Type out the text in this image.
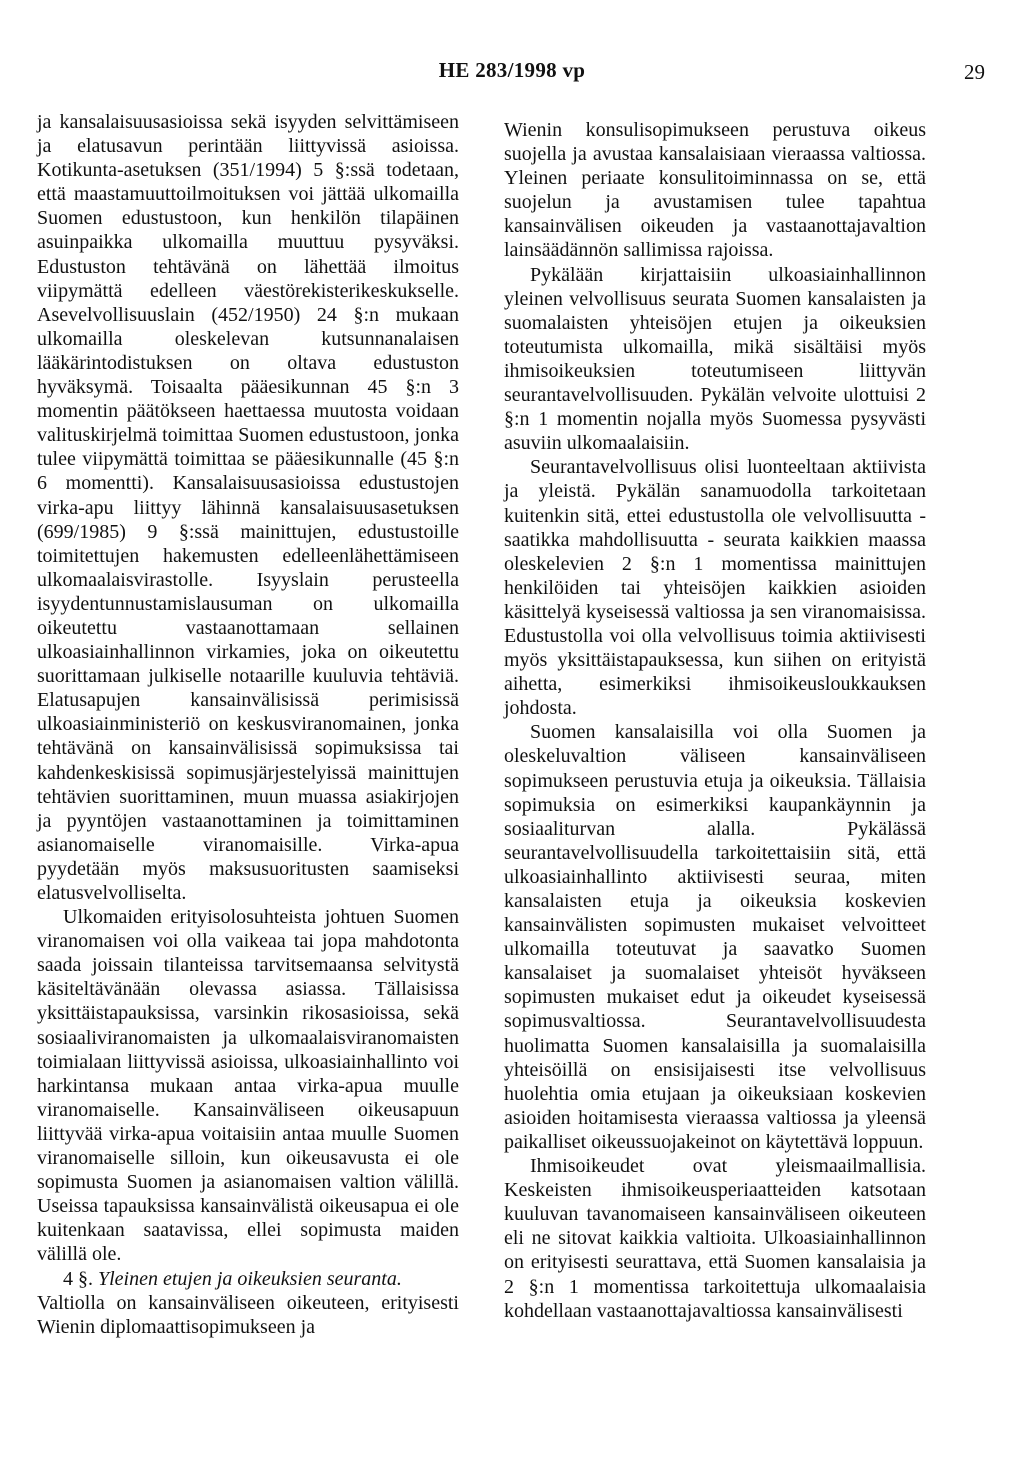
HE 283/1998 vp	29

ja kansalaisuusasioissa sekä isyyden selvittämiseen ja elatusavun perintään liittyvissä asioissa. Kotikunta-asetuksen (351/1994) 5 §:ssä todetaan, että maastamuuttoilmoituksen voi jättää ulkomailla Suomen edustustoon, kun henkilön tilapäinen asuinpaikka ulkomailla muuttuu pysyväksi. Edustuston tehtävänä on lähettää ilmoitus viipymättä edelleen väestörekisterikeskukselle. Asevelvollisuuslain (452/1950) 24 §:n mukaan ulkomailla oleskelevan kutsunnanalaisen lääkärintodistuksen on oltava edustuston hyväksymä. Toisaalta pääesikunnan 45 §:n 3 momentin päätökseen haettaessa muutosta voidaan valituskirjelmä toimittaa Suomen edustustoon, jonka tulee viipymättä toimittaa se pääesikunnalle (45 §:n 6 momentti). Kansalaisuusasioissa edustustojen virka-apu liittyy lähinnä kansalaisuusasetuksen (699/1985) 9 §:ssä mainittujen, edustustoille toimitettujen hakemusten edelleenlähettämiseen ulkomaalaisvirastolle. Isyyslain perusteella isyydentunnustamislausuman on ulkomailla oikeutettu vastaanottamaan sellainen ulkoasiainhallinnon virkamies, joka on oikeutettu suorittamaan julkiselle notaarille kuuluvia tehtäviä. Elatusapujen kansainvälisissä perimisissä ulkoasiainministeriö on keskusviranomainen, jonka tehtävänä on kansainvälisissä sopimuksissa tai kahdenkeskisissä sopimusjärjestelyissä mainittujen tehtävien suorittaminen, muun muassa asiakirjojen ja pyyntöjen vastaanottaminen ja toimittaminen asianomaiselle viranomaisille. Virka-apua pyydetään myös maksusuoritusten saamiseksi elatusvelvolliselta.

Ulkomaiden erityisolosuhteista johtuen Suomen viranomaisen voi olla vaikeaa tai jopa mahdotonta saada joissain tilanteissa tarvitsemaansa selvitystä käsiteltävänään olevassa asiassa. Tällaisissa yksittäistapauksissa, varsinkin rikosasioissa, sekä sosiaaliviranomaisten ja ulkomaalaisviranomaisten toimialaan liittyvissä asioissa, ulkoasiainhallinto voi harkintansa mukaan antaa virka-apua muulle viranomaiselle. Kansainväliseen oikeusapuun liittyvää virka-apua voitaisiin antaa muulle Suomen viranomaiselle silloin, kun oikeusavusta ei ole sopimusta Suomen ja asianomaisen valtion välillä. Useissa tapauksissa kansainvälistä oikeusapua ei ole kuitenkaan saatavissa, ellei sopimusta maiden välillä ole.

4 §. Yleinen etujen ja oikeuksien seuranta.

Valtiolla on kansainväliseen oikeuteen, erityisesti Wienin diplomaattisopimukseen ja

Wienin konsulisopimukseen perustuva oikeus suojella ja avustaa kansalaisiaan vieraassa valtiossa. Yleinen periaate konsulitoiminnassa on se, että suojelun ja avustamisen tulee tapahtua kansainvälisen oikeuden ja vastaanottajavaltion lainsäädännön sallimissa rajoissa.

Pykälään kirjattaisiin ulkoasiainhallinnon yleinen velvollisuus seurata Suomen kansalaisten ja suomalaisten yhteisöjen etujen ja oikeuksien toteutumista ulkomailla, mikä sisältäisi myös ihmisoikeuksien toteutumiseen liittyvän seurantavelvollisuuden. Pykälän velvoite ulottuisi 2 §:n 1 momentin nojalla myös Suomessa pysyvästi asuviin ulkomaalaisiin.

Seurantavelvollisuus olisi luonteeltaan aktiivista ja yleistä. Pykälän sanamuodolla tarkoitetaan kuitenkin sitä, ettei edustustolla ole velvollisuutta - saatikka mahdollisuutta - seurata kaikkien maassa oleskelevien 2 §:n 1 momentissa mainittujen henkilöiden tai yhteisöjen kaikkien asioiden käsittelyä kyseisessä valtiossa ja sen viranomaisissa. Edustustolla voi olla velvollisuus toimia aktiivisesti myös yksittäistapauksessa, kun siihen on erityistä aihetta, esimerkiksi ihmisoikeusloukkauksen johdosta.

Suomen kansalaisilla voi olla Suomen ja oleskeluvaltion väliseen kansainväliseen sopimukseen perustuvia etuja ja oikeuksia. Tällaisia sopimuksia on esimerkiksi kaupankäynnin ja sosiaaliturvan alalla. Pykälässä seurantavelvollisuudella tarkoitettaisiin sitä, että ulkoasiainhallinto aktiivisesti seuraa, miten kansalaisten etuja ja oikeuksia koskevien kansainvälisten sopimusten mukaiset velvoitteet ulkomailla toteutuvat ja saavatko Suomen kansalaiset ja suomalaiset yhteisöt hyväkseen sopimusten mukaiset edut ja oikeudet kyseisessä sopimusvaltiossa. Seurantavelvollisuudesta huolimatta Suomen kansalaisilla ja suomalaisilla yhteisöillä on ensisijaisesti itse velvollisuus huolehtia omia etujaan ja oikeuksiaan koskevien asioiden hoitamisesta vieraassa valtiossa ja yleensä paikalliset oikeussuojakeinot on käytettävä loppuun.

Ihmisoikeudet ovat yleismaailmallisia. Keskeisten ihmisoikeusperiaatteiden katsotaan kuuluvan tavanomaiseen kansainväliseen oikeuteen eli ne sitovat kaikkia valtioita. Ulkoasiainhallinnon on erityisesti seurattava, että Suomen kansalaisia ja 2 §:n 1 momentissa tarkoitettuja ulkomaalaisia kohdellaan vastaanottajavaltiossa kansainvälisesti
